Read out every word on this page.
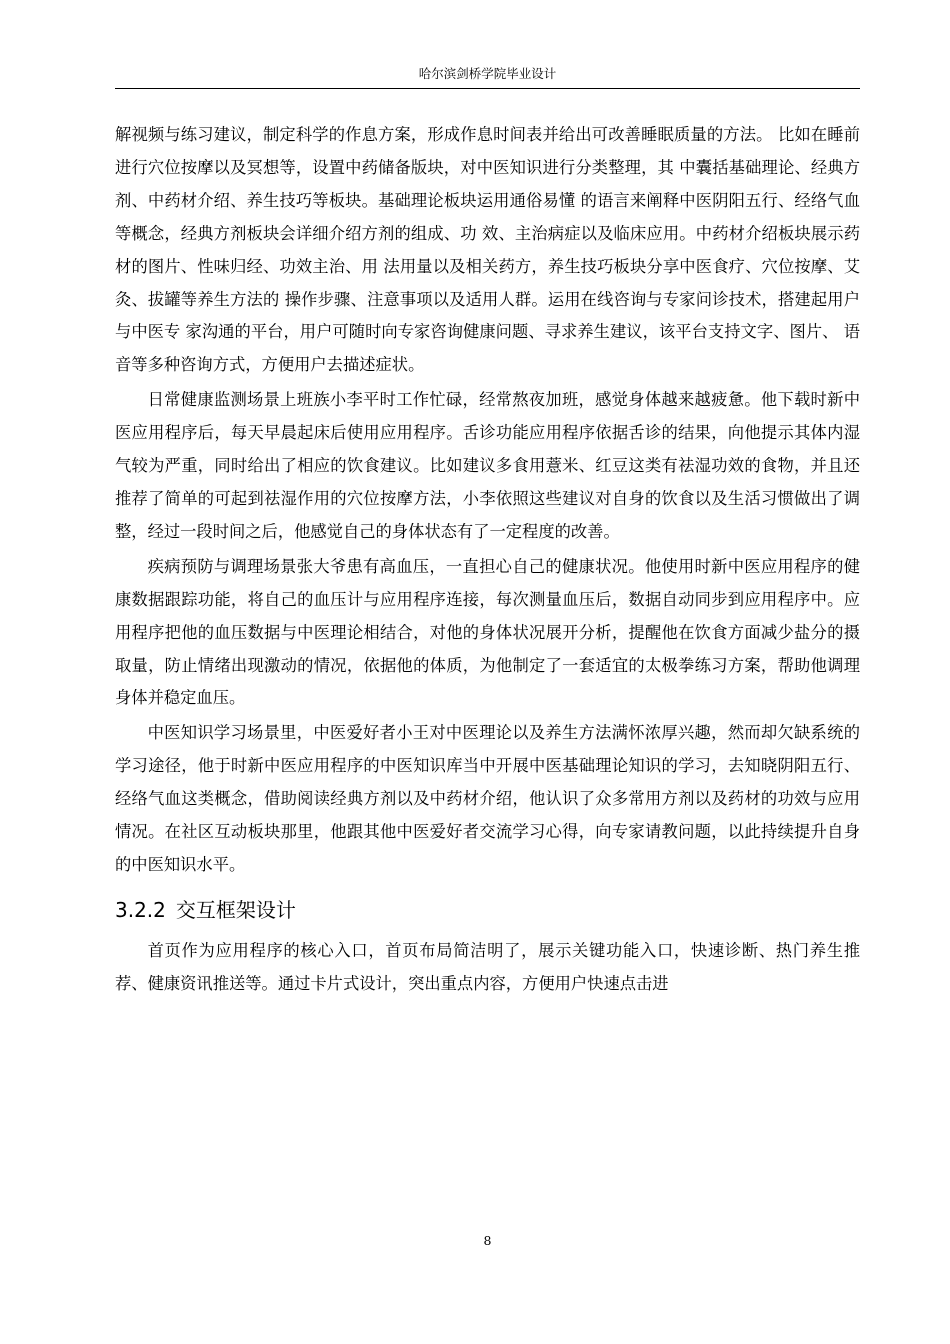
哈尔滨剑桥学院毕业设计

解视频与练习建议，制定科学的作息方案，形成作息时间表并给出可改善睡眠质量的方法。 比如在睡前进行穴位按摩以及冥想等，设置中药储备版块，对中医知识进行分类整理，其 中囊括基础理论、经典方剂、中药材介绍、养生技巧等板块。基础理论板块运用通俗易懂 的语言来阐释中医阴阳五行、经络气血等概念，经典方剂板块会详细介绍方剂的组成、功 效、主治病症以及临床应用。中药材介绍板块展示药材的图片、性味归经、功效主治、用 法用量以及相关药方，养生技巧板块分享中医食疗、穴位按摩、艾灸、拔罐等养生方法的 操作步骤、注意事项以及适用人群。运用在线咨询与专家问诊技术，搭建起用户与中医专 家沟通的平台，用户可随时向专家咨询健康问题、寻求养生建议，该平台支持文字、图片、 语音等多种咨询方式，方便用户去描述症状。

日常健康监测场景上班族小李平时工作忙碌，经常熬夜加班，感觉身体越来越疲惫。他下载时新中医应用程序后，每天早晨起床后使用应用程序。舌诊功能应用程序依据舌诊的结果，向他提示其体内湿气较为严重，同时给出了相应的饮食建议。比如建议多食用薏米、红豆这类有祛湿功效的食物，并且还推荐了简单的可起到祛湿作用的穴位按摩方法，小李依照这些建议对自身的饮食以及生活习惯做出了调整，经过一段时间之后，他感觉自己的身体状态有了一定程度的改善。

疾病预防与调理场景张大爷患有高血压，一直担心自己的健康状况。他使用时新中医应用程序的健康数据跟踪功能，将自己的血压计与应用程序连接，每次测量血压后，数据自动同步到应用程序中。应用程序把他的血压数据与中医理论相结合，对他的身体状况展开分析，提醒他在饮食方面减少盐分的摄取量，防止情绪出现激动的情况，依据他的体质，为他制定了一套适宜的太极拳练习方案，帮助他调理身体并稳定血压。

中医知识学习场景里，中医爱好者小王对中医理论以及养生方法满怀浓厚兴趣，然而却欠缺系统的学习途径，他于时新中医应用程序的中医知识库当中开展中医基础理论知识的学习，去知晓阴阳五行、经络气血这类概念，借助阅读经典方剂以及中药材介绍，他认识了众多常用方剂以及药材的功效与应用情况。在社区互动板块那里，他跟其他中医爱好者交流学习心得，向专家请教问题，以此持续提升自身的中医知识水平。

3.2.2 交互框架设计

首页作为应用程序的核心入口，首页布局简洁明了，展示关键功能入口，快速诊断、热门养生推荐、健康资讯推送等。通过卡片式设计，突出重点内容，方便用户快速点击进

8
